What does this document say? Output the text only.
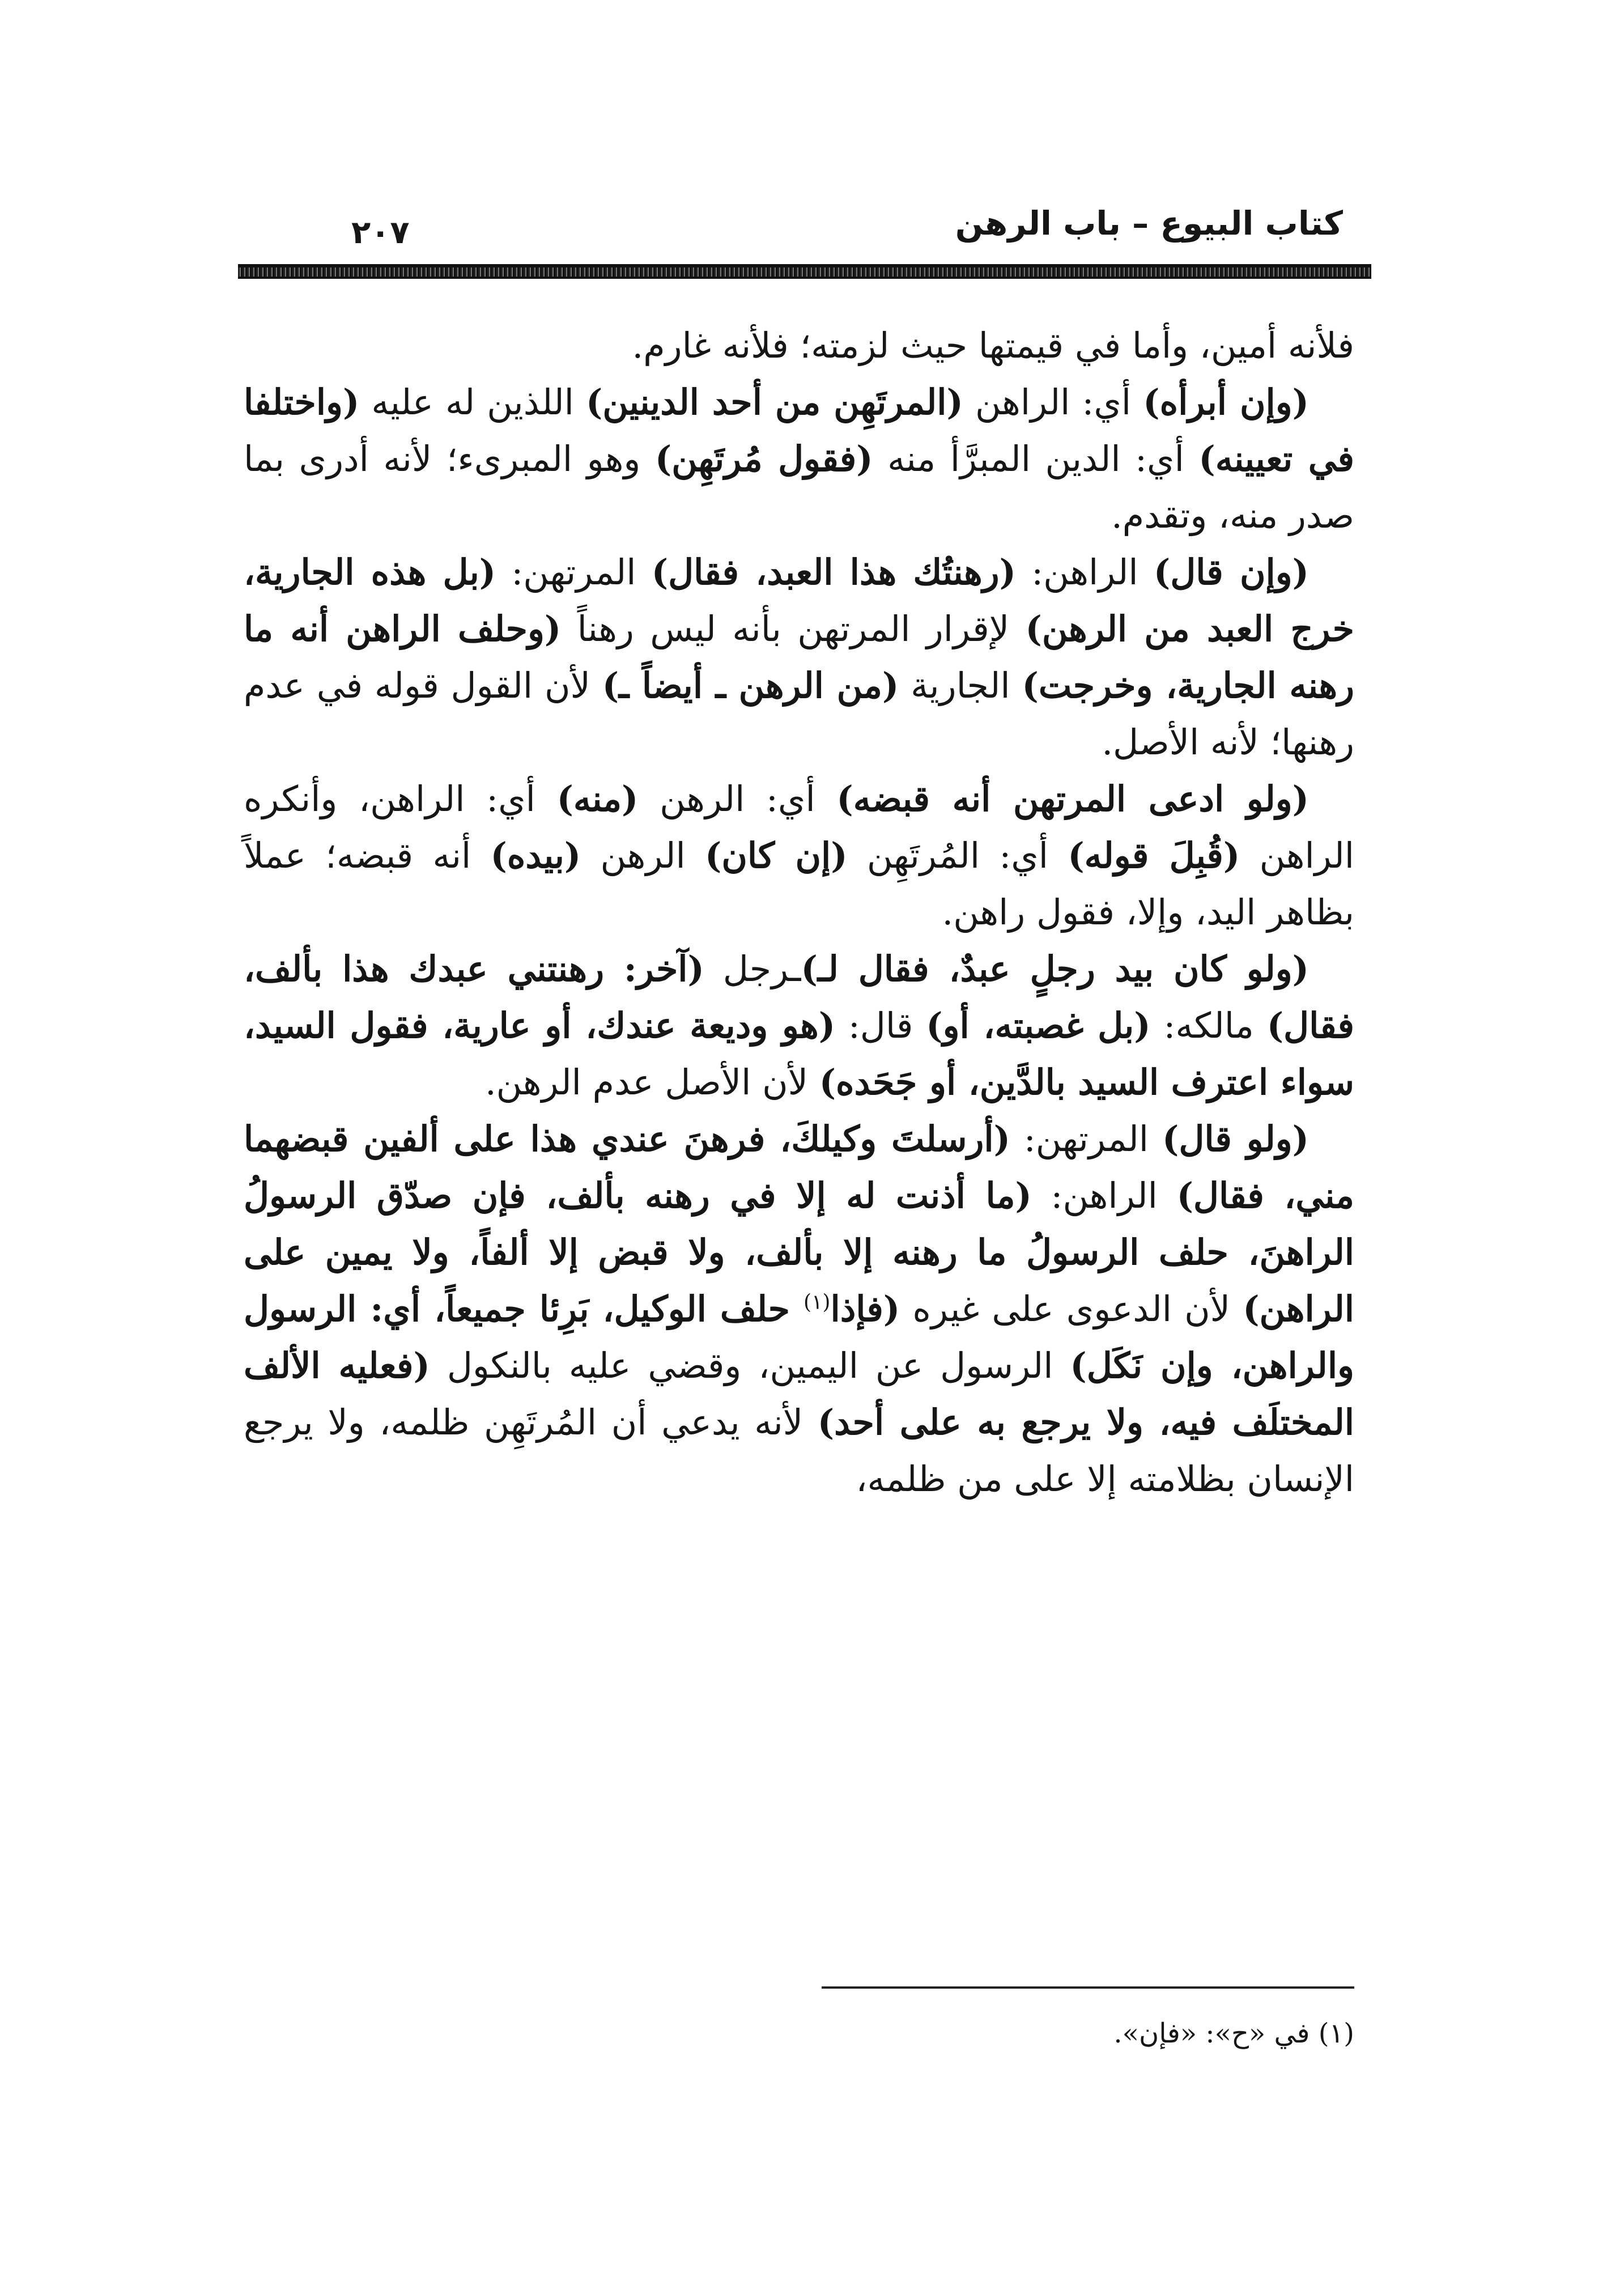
كتاب البيوع – باب الرهن
٢٠٧

فلأنه أمين، وأما في قيمتها حيث لزمته؛ فلأنه غارم.

(وإن أبرأه) أي: الراهن (المرتَهِن من أحد الدينين) اللذين له عليه (واختلفا في تعيينه) أي: الدين المبرَّأ منه (فقول مُرتَهِن) وهو المبرىء؛ لأنه أدرى بما صدر منه، وتقدم.

(وإن قال) الراهن: (رهنتُك هذا العبد، فقال) المرتهن: (بل هذه الجارية، خرج العبد من الرهن) لإقرار المرتهن بأنه ليس رهناً (وحلف الراهن أنه ما رهنه الجارية، وخرجت) الجارية (من الرهن ـ أيضاً ـ) لأن القول قوله في عدم رهنها؛ لأنه الأصل.

(ولو ادعى المرتهن أنه قبضه) أي: الرهن (منه) أي: الراهن، وأنكره الراهن (قُبِلَ قوله) أي: المُرتَهِن (إن كان) الرهن (بيده) أنه قبضه؛ عملاً بظاهر اليد، وإلا، فقول راهن.

(ولو كان بيد رجلٍ عبدٌ، فقال لـ)ـرجل (آخر: رهنتني عبدك هذا بألف، فقال) مالكه: (بل غصبته، أو) قال: (هو وديعة عندك، أو عارية، فقول السيد، سواء اعترف السيد بالدَّين، أو جَحَده) لأن الأصل عدم الرهن.

(ولو قال) المرتهن: (أرسلتَ وكيلكَ، فرهنَ عندي هذا على ألفين قبضهما مني، فقال) الراهن: (ما أذنت له إلا في رهنه بألف، فإن صدّق الرسولُ الراهنَ، حلف الرسولُ ما رهنه إلا بألف، ولا قبض إلا ألفاً، ولا يمين على الراهن) لأن الدعوى على غيره (فإذا$^{(١)}$ حلف الوكيل، بَرِئا جميعاً، أي: الرسول والراهن، وإن نَكَل) الرسول عن اليمين، وقضي عليه بالنكول (فعليه الألف المختلَف فيه، ولا يرجع به على أحد) لأنه يدعي أن المُرتَهِن ظلمه، ولا يرجع الإنسان بظلامته إلا على من ظلمه،

(١) في «ح»: «فإن».
